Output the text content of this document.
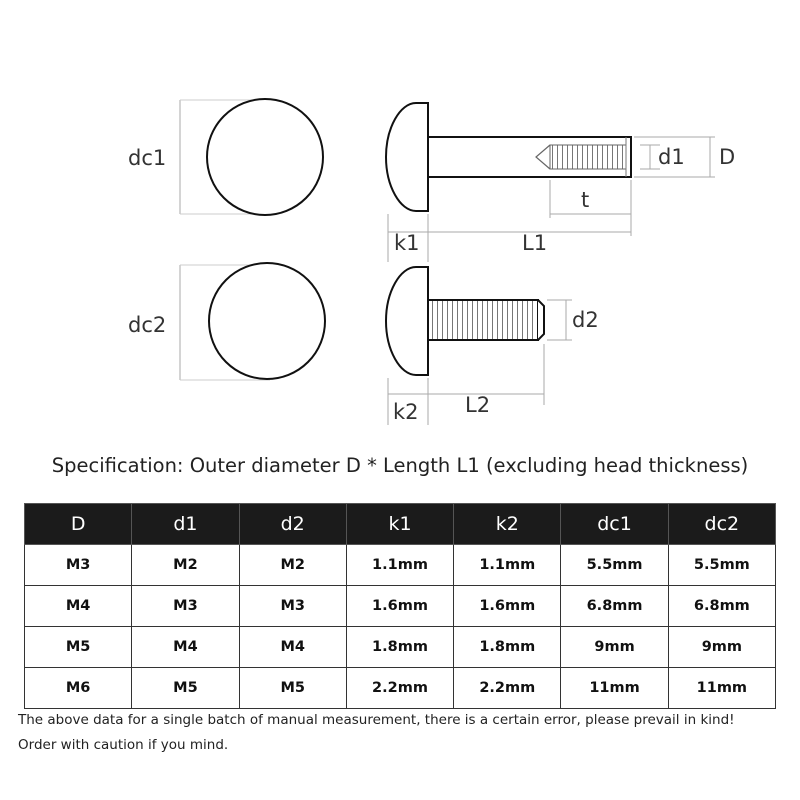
dc1	d1 D
t
k1	L1
dc2	d2
k2 L2
Specification: Outer diameter D * Length L1 (excluding head thickness)
D	d1	d2	k1	k2	dc1	dc2
M3	M2	M2	1.1mm	1.1mm	5.5mm	5.5mm
M4	M3	M3	1.6mm	1.6mm	6.8mm	6.8mm
M5	M4	M4	1.8mm	1.8mm	9mm	9mm
M6	M5	M5	2.2mm	2.2mm	11mm	11mm
The above data for a single batch of manual measurement, there is a certain error, please prevail in kind!
Order with caution if you mind.
